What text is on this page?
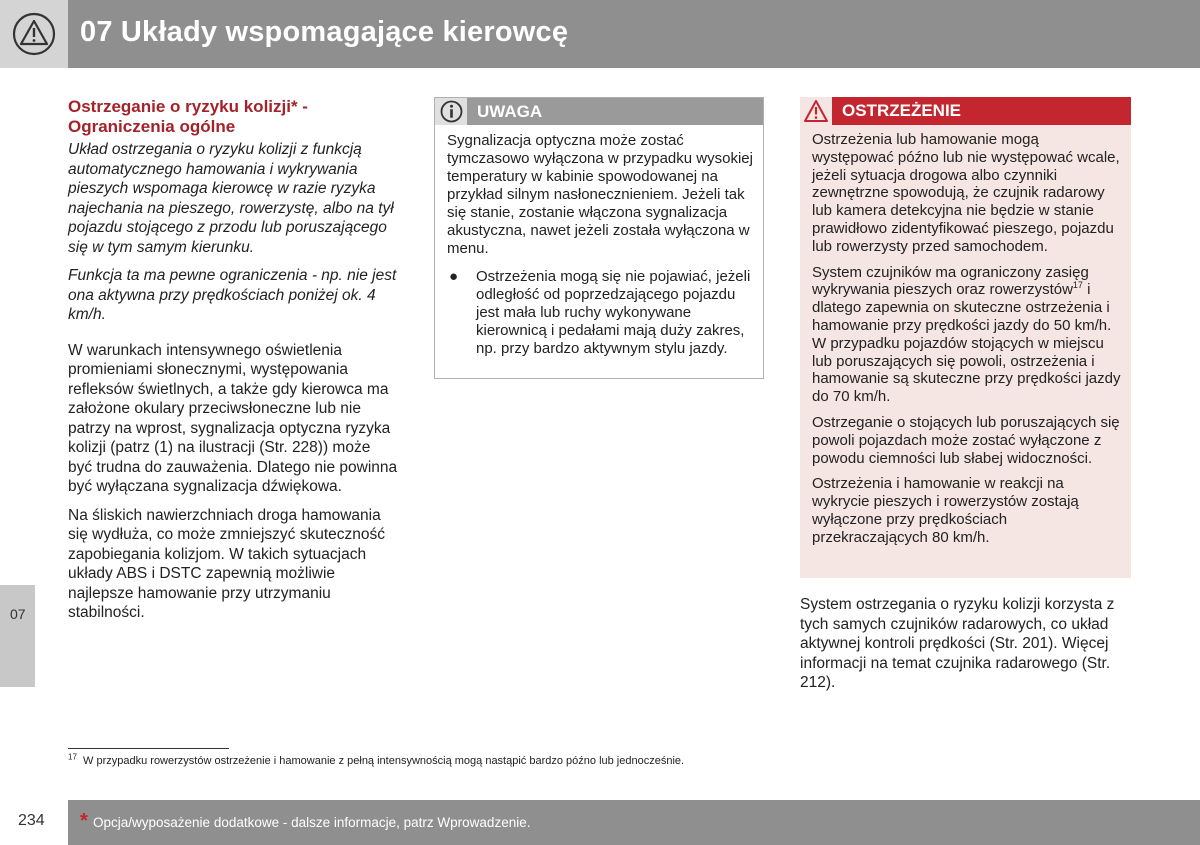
07 Układy wspomagające kierowcę
07
Ostrzeganie o ryzyku kolizji* -
Ograniczenia ogólne

Układ ostrzegania o ryzyku kolizji z funkcją automatycznego hamowania i wykrywania pieszych wspomaga kierowcę w razie ryzyka najechania na pieszego, rowerzystę, albo na tył pojazdu stojącego z przodu lub poruszającego się w tym samym kierunku.

Funkcja ta ma pewne ograniczenia - np. nie jest ona aktywna przy prędkościach poniżej ok. 4 km/h.

W warunkach intensywnego oświetlenia promieniami słonecznymi, występowania refleksów świetlnych, a także gdy kierowca ma założone okulary przeciwsłoneczne lub nie patrzy na wprost, sygnalizacja optyczna ryzyka kolizji (patrz (1) na ilustracji (Str. 228)) może być trudna do zauważenia. Dlatego nie powinna być wyłączana sygnalizacja dźwiękowa.

Na śliskich nawierzchniach droga hamowania się wydłuża, co może zmniejszyć skuteczność zapobiegania kolizjom. W takich sytuacjach układy ABS i DSTC zapewnią możliwie najlepsze hamowanie przy utrzymaniu stabilności.

UWAGA

Sygnalizacja optyczna może zostać tymczasowo wyłączona w przypadku wysokiej temperatury w kabinie spowodowanej na przykład silnym nasłonecznieniem. Jeżeli tak się stanie, zostanie włączona sygnalizacja akustyczna, nawet jeżeli została wyłączona w menu.

● Ostrzeżenia mogą się nie pojawiać, jeżeli odległość od poprzedzającego pojazdu jest mała lub ruchy wykonywane kierownicą i pedałami mają duży zakres, np. przy bardzo aktywnym stylu jazdy.
OSTRZEŻENIE

Ostrzeżenia lub hamowanie mogą występować późno lub nie występować wcale, jeżeli sytuacja drogowa albo czynniki zewnętrzne spowodują, że czujnik radarowy lub kamera detekcyjna nie będzie w stanie prawidłowo zidentyfikować pieszego, pojazdu lub rowerzysty przed samochodem.

System czujników ma ograniczony zasięg wykrywania pieszych oraz rowerzystów$^{17}$ i dlatego zapewnia on skuteczne ostrzeżenia i hamowanie przy prędkości jazdy do 50 km/h. W przypadku pojazdów stojących w miejscu lub poruszających się powoli, ostrzeżenia i hamowanie są skuteczne przy prędkości jazdy do 70 km/h.

Ostrzeganie o stojących lub poruszających się powoli pojazdach może zostać wyłączone z powodu ciemności lub słabej widoczności.

Ostrzeżenia i hamowanie w reakcji na wykrycie pieszych i rowerzystów zostają wyłączone przy prędkościach przekraczających 80 km/h.

System ostrzegania o ryzyku kolizji korzysta z tych samych czujników radarowych, co układ aktywnej kontroli prędkości (Str. 201). Więcej informacji na temat czujnika radarowego (Str. 212).

$^{17}$ W przypadku rowerzystów ostrzeżenie i hamowanie z pełną intensywnością mogą nastąpić bardzo późno lub jednocześnie.
234 * Opcja/wyposażenie dodatkowe - dalsze informacje, patrz Wprowadzenie.
